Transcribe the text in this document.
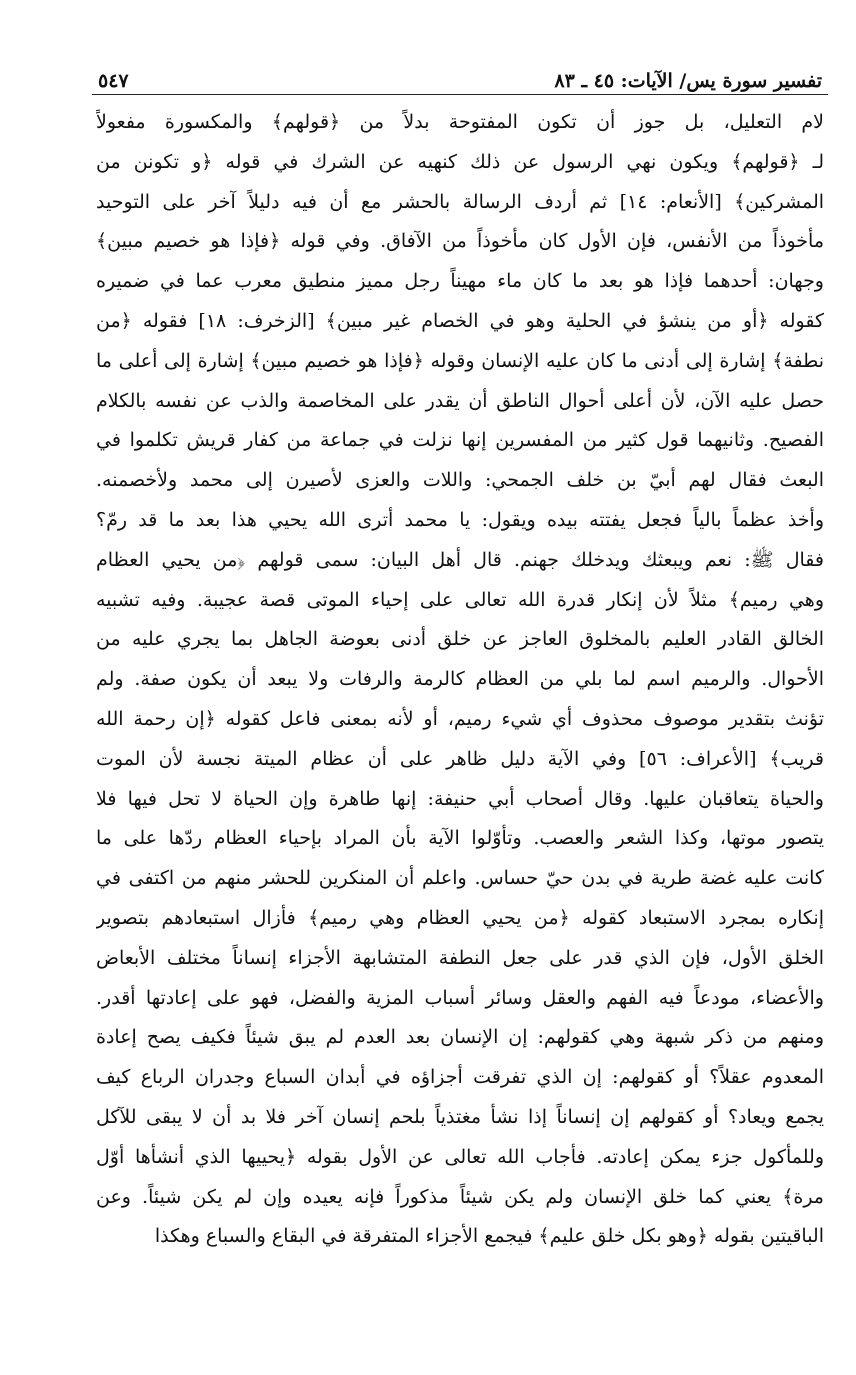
تفسير سورة يس/ الآيات: ٤٥ ـ ٨٣
٥٤٧
لام التعليل، بل جوز أن تكون المفتوحة بدلاً من ﴿قولهم﴾ والمكسورة مفعولاً
لـ ﴿قولهم﴾ ويكون نهي الرسول عن ذلك كنهيه عن الشرك في قوله ﴿و تكونن من
المشركين﴾ [الأنعام: ١٤] ثم أردف الرسالة بالحشر مع أن فيه دليلاً آخر على التوحيد
مأخوذاً من الأنفس، فإن الأول كان مأخوذاً من الآفاق. وفي قوله ﴿فإذا هو خصيم مبين﴾
وجهان: أحدهما فإذا هو بعد ما كان ماء مهيناً رجل مميز منطيق معرب عما في ضميره
كقوله ﴿أو من ينشؤ في الحلية وهو في الخصام غير مبين﴾ [الزخرف: ١٨] فقوله ﴿من
نطفة﴾ إشارة إلى أدنى ما كان عليه الإنسان وقوله ﴿فإذا هو خصيم مبين﴾ إشارة إلى أعلى ما
حصل عليه الآن، لأن أعلى أحوال الناطق أن يقدر على المخاصمة والذب عن نفسه بالكلام
الفصيح. وثانيهما قول كثير من المفسرين إنها نزلت في جماعة من كفار قريش تكلموا في
البعث فقال لهم أبيّ بن خلف الجمحي: واللات والعزى لأصيرن إلى محمد ولأخصمنه.
وأخذ عظماً بالياً فجعل يفتته بيده ويقول: يا محمد أترى الله يحيي هذا بعد ما قد رمّ؟
فقال ﷺ: نعم ويبعثك ويدخلك جهنم. قال أهل البيان: سمى قولهم ﴿من يحيي العظام
وهي رميم﴾ مثلاً لأن إنكار قدرة الله تعالى على إحياء الموتى قصة عجيبة. وفيه تشبيه
الخالق القادر العليم بالمخلوق العاجز عن خلق أدنى بعوضة الجاهل بما يجري عليه من
الأحوال. والرميم اسم لما بلي من العظام كالرمة والرفات ولا يبعد أن يكون صفة. ولم
تؤنث بتقدير موصوف محذوف أي شيء رميم، أو لأنه بمعنى فاعل كقوله ﴿إن رحمة الله
قريب﴾ [الأعراف: ٥٦] وفي الآية دليل ظاهر على أن عظام الميتة نجسة لأن الموت
والحياة يتعاقبان عليها. وقال أصحاب أبي حنيفة: إنها طاهرة وإن الحياة لا تحل فيها فلا
يتصور موتها، وكذا الشعر والعصب. وتأوّلوا الآية بأن المراد بإحياء العظام ردّها على ما
كانت عليه غضة طرية في بدن حيّ حساس. واعلم أن المنكرين للحشر منهم من اكتفى في
إنكاره بمجرد الاستبعاد كقوله ﴿من يحيي العظام وهي رميم﴾ فأزال استبعادهم بتصوير
الخلق الأول، فإن الذي قدر على جعل النطفة المتشابهة الأجزاء إنساناً مختلف الأبعاض
والأعضاء، مودعاً فيه الفهم والعقل وسائر أسباب المزية والفضل، فهو على إعادتها أقدر.
ومنهم من ذكر شبهة وهي كقولهم: إن الإنسان بعد العدم لم يبق شيئاً فكيف يصح إعادة
المعدوم عقلاً؟ أو كقولهم: إن الذي تفرقت أجزاؤه في أبدان السباع وجدران الرباع كيف
يجمع ويعاد؟ أو كقولهم إن إنساناً إذا نشأ مغتذياً بلحم إنسان آخر فلا بد أن لا يبقى للآكل
وللمأكول جزء يمكن إعادته. فأجاب الله تعالى عن الأول بقوله ﴿يحييها الذي أنشأها أوّل
مرة﴾ يعني كما خلق الإنسان ولم يكن شيئاً مذكوراً فإنه يعيده وإن لم يكن شيئاً. وعن
الباقيتين بقوله ﴿وهو بكل خلق عليم﴾ فيجمع الأجزاء المتفرقة في البقاع والسباع وهكذا
